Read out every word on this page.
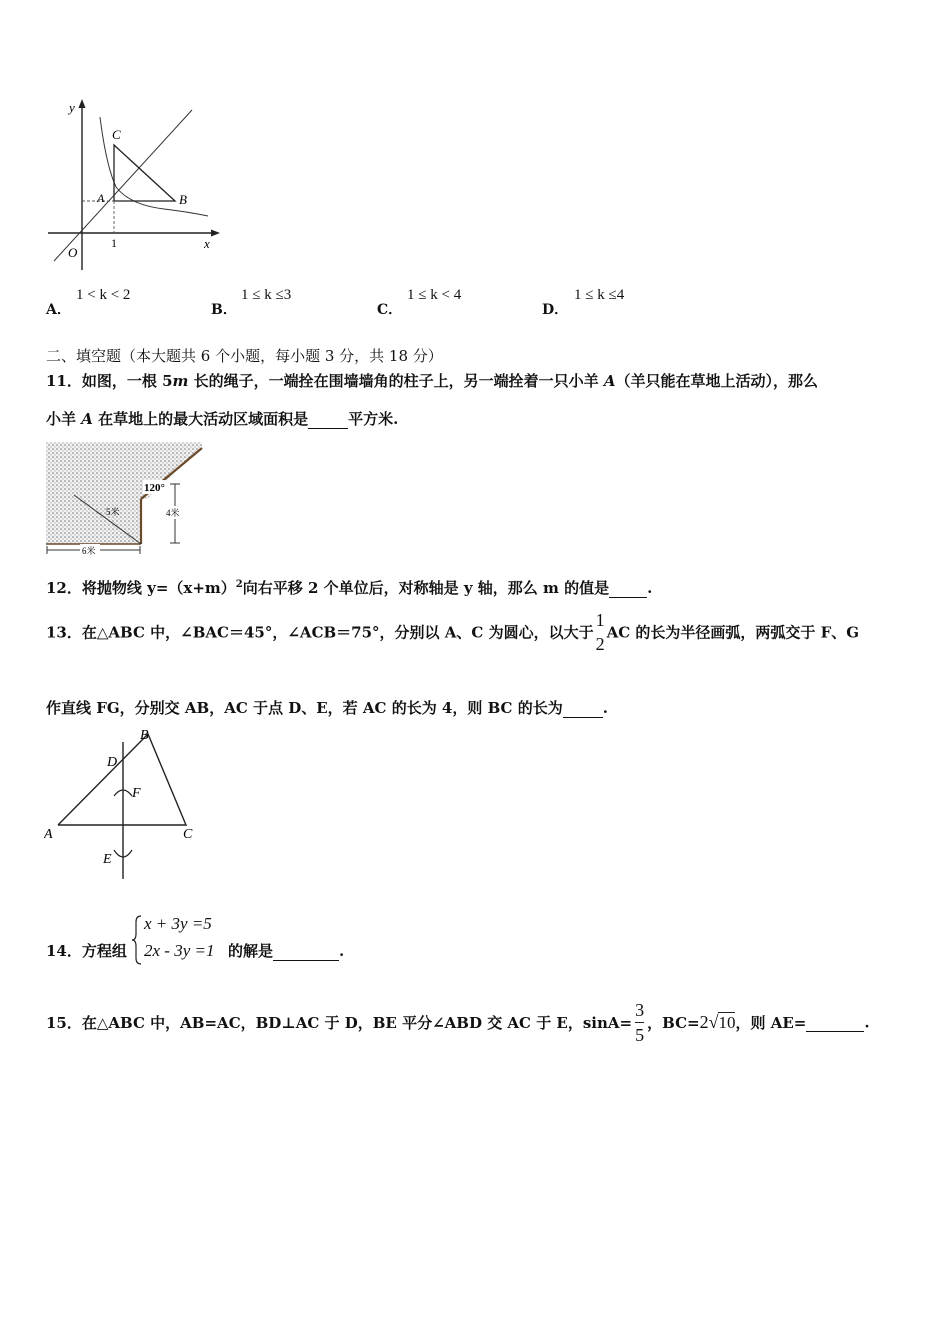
y
x
O
C
A	B
1
A．
1 < k < 2
B．
1 ≤ k ≤3
C．
1 ≤ k < 4
D．
1 ≤ k ≤4
二、填空题（本大题共 6 个小题，每小题 3 分，共 18 分）
11．如图，一根 5m 长的绳子，一端拴在围墙墙角的柱子上，另一端拴着一只小羊 A（羊只能在草地上活动），那么
小羊 A 在草地上的最大活动区域面积是	平方米.
120°
4米
5米
6米
12．将抛物线 $y=(x+m)^2$向右平移 2 个单位后，对称轴是 y 轴，那么 m 的值是	.
13．在△ABC 中，∠BAC＝45°，∠ACB＝75°，分别以 A、C 为圆心，以大于
1
2
AC 的长为半径画弧，两弧交于 F、G
作直线 FG，分别交 AB，AC 于点 D、E，若 AC 的长为 4，则 BC 的长为	.
B
D
F
A	C
E
14．方程组
x + 3y =5
2x - 3y =1 的解是	.
15．在△ABC 中，AB=AC，BD⊥AC 于 D，BE 平分∠ABD 交 AC 于 E，$\sin A= \frac{3}{5}$ ，BC=2√10，则 AE=	.
